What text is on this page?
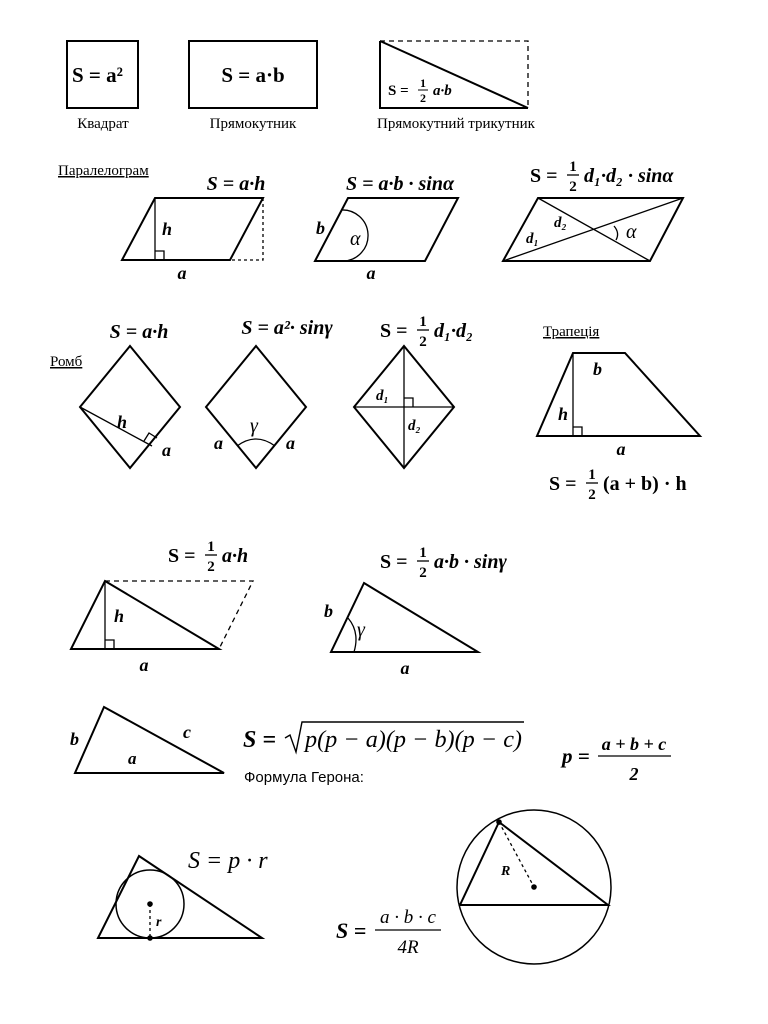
S = a²
Квадрат
S = a·b
Прямокутник
S = 1
2 a·b
Прямокутний трикутник
Паралелограм
S = a·h	S = a·b · sinα	S = 1
2 d₁·d₂ · sinα
h
a
b α
a
d₁
d₂	α
Ромб
S = a·h	S = a²· sinγ S = 1
2 d₁·d₂
h
a
γ
a	a
d₁
d₂
Трапеція
b
h
a
S = 1
2 (a + b) · h
S = 1
2 a·h
h
a
S = 1
2 a·b · sinγ
b
γ
a
b	c
a
S = p(p − a)(p − b)(p − c)
Формула Герона:
p = a + b + c
2
S = p · r
r	S =
a · b · c
4R
R
